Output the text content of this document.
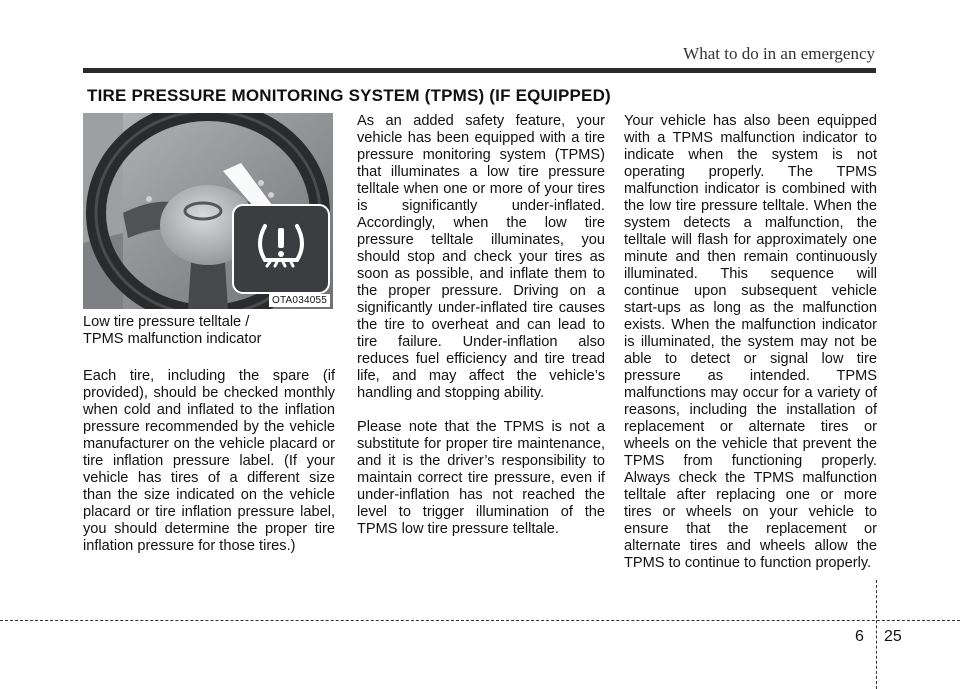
What to do in an emergency
TIRE PRESSURE MONITORING SYSTEM (TPMS) (IF EQUIPPED)
OTA034055
Low tire pressure telltale /
TPMS malfunction indicator

Each tire, including the spare (if provided), should be checked monthly when cold and inflated to the inflation pressure recommended by the vehicle manufacturer on the vehicle placard or tire inflation pressure label. (If your vehicle has tires of a different size than the size indicated on the vehicle placard or tire inflation pressure label, you should determine the proper tire inflation pressure for those tires.)

As an added safety feature, your vehicle has been equipped with a tire pressure monitoring system (TPMS) that illuminates a low tire pressure telltale when one or more of your tires is significantly under-inflated. Accordingly, when the low tire pressure telltale illuminates, you should stop and check your tires as soon as possible, and inflate them to the proper pressure. Driving on a significantly under-inflated tire causes the tire to overheat and can lead to tire failure. Under-inflation also reduces fuel efficiency and tire tread life, and may affect the vehicle’s handling and stopping ability.

Please note that the TPMS is not a substitute for proper tire maintenance, and it is the driver’s responsibility to maintain correct tire pressure, even if under-inflation has not reached the level to trigger illumination of the TPMS low tire pressure telltale.

Your vehicle has also been equipped with a TPMS malfunction indicator to indicate when the system is not operating properly. The TPMS malfunction indicator is combined with the low tire pressure telltale. When the system detects a malfunction, the telltale will flash for approximately one minute and then remain continuously illuminated. This sequence will continue upon subsequent vehicle start-ups as long as the malfunction exists. When the malfunction indicator is illuminated, the system may not be able to detect or signal low tire pressure as intended. TPMS malfunctions may occur for a variety of reasons, including the installation of replacement or alternate tires or wheels on the vehicle that prevent the TPMS from functioning properly. Always check the TPMS malfunction telltale after replacing one or more tires or wheels on your vehicle to ensure that the replacement or alternate tires and wheels allow the TPMS to continue to function properly.

6 25
